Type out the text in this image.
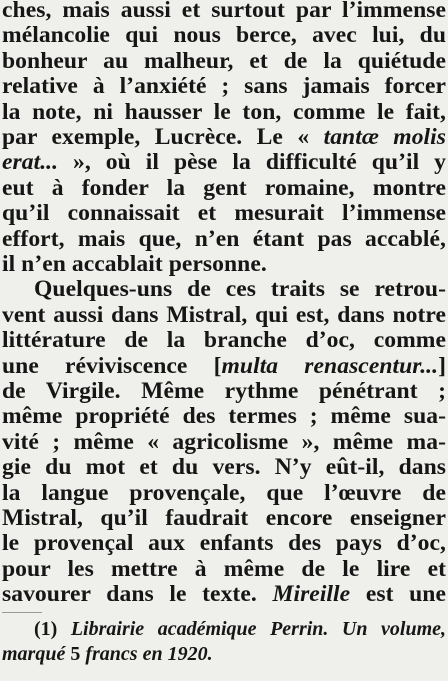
ches, mais aussi et surtout par l’immense
mélancolie qui nous berce, avec lui, du
bonheur au malheur, et de la quiétude
relative à l’anxiété ; sans jamais forcer
la note, ni hausser le ton, comme le fait,
par exemple, Lucrèce. Le « tantæ molis
erat... », où il pèse la difficulté qu’il y
eut à fonder la gent romaine, montre
qu’il connaissait et mesurait l’immense
effort, mais que, n’en étant pas accablé,
il n’en accablait personne.
Quelques-uns de ces traits se retrou-
vent aussi dans Mistral, qui est, dans notre
littérature de la branche d’oc, comme
une réviviscence [multa renascentur...]
de Virgile. Même rythme pénétrant ;
même propriété des termes ; même sua-
vité ; même « agricolisme », même ma-
gie du mot et du vers. N’y eût-il, dans
la langue provençale, que l’œuvre de
Mistral, qu’il faudrait encore enseigner
le provençal aux enfants des pays d’oc,
pour les mettre à même de le lire et
savourer dans le texte. Mireille est une
(1) Librairie académique Perrin. Un volume,
marqué 5 francs en 1920.
